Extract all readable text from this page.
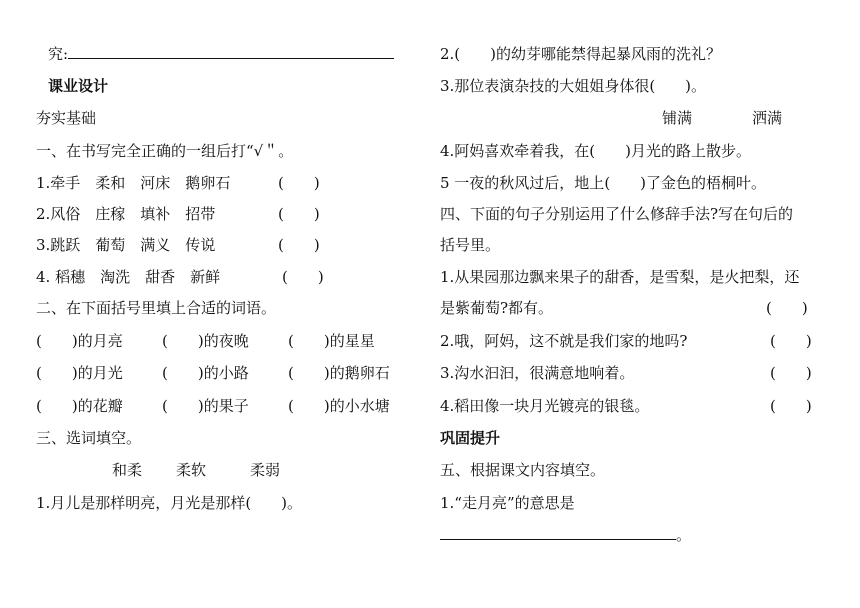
究:
课业设计
夯实基础
一、在书写完全正确的一组后打“√＂。
1.牵手　柔和　河床　鹅卵石	(　　)
2.风俗　庄稼　填补　招带	(　　)
3.跳跃　葡萄　满义　传说	(　　)
4. 稻穗　淘洗　甜香　新鲜	(　　)
二、在下面括号里填上合适的词语。
(　　)的月亮	(　　)的夜晚	(　　)的星星
(　　)的月光	(　　)的小路	(　　)的鹅卵石
(　　)的花瓣	(　　)的果子	(　　)的小水塘
三、选词填空。
和柔 柔软	柔弱
1.月儿是那样明亮，月光是那样(　　)。
2.(　　)的幼芽哪能禁得起暴风雨的洗礼？
3.那位表演杂技的大姐姐身体很(　　)。
铺满	洒满
4.阿妈喜欢牵着我，在(　　)月光的路上散步。
5 一夜的秋风过后，地上(　　)了金色的梧桐叶。
四、下面的句子分别运用了什么修辞手法?写在句后的
括号里。
1.从果园那边飘来果子的甜香，是雪梨，是火把梨，还
是紫葡萄?都有。	(　　)
2.哦，阿妈，这不就是我们家的地吗?	(　　)
3.沟水汩汩，很满意地响着。	(　　)
4.稻田像一块月光镀亮的银毯。	(　　)
巩固提升
五、根据课文内容填空。
1.“走月亮”的意思是
。
